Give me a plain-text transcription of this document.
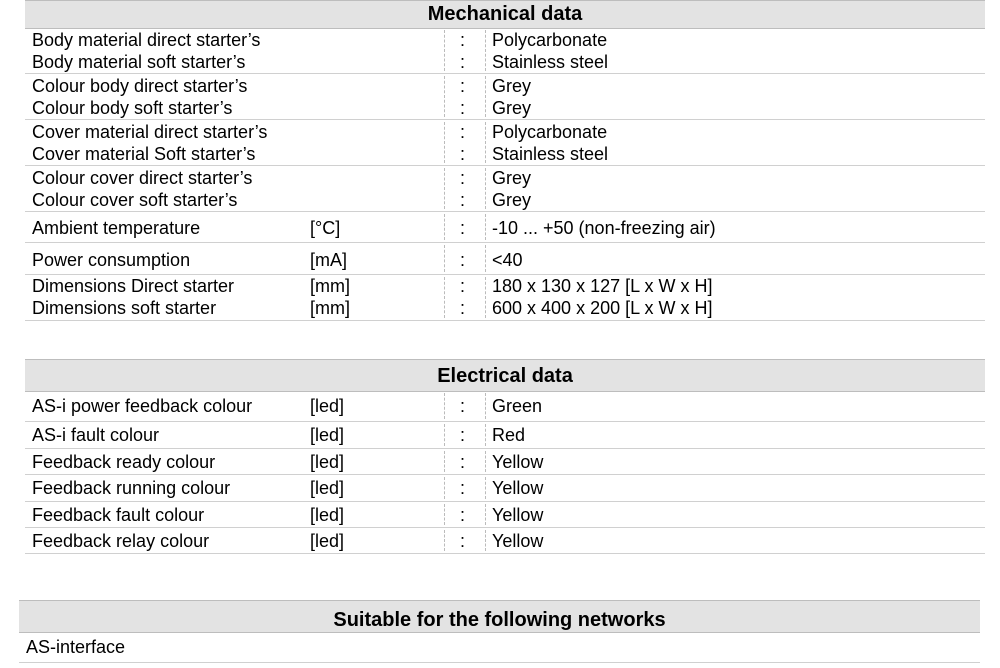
Mechanical data
Body material direct starter’s	: Polycarbonate
Body material soft starter’s	: Stainless steel
Colour body direct starter’s	: Grey
Colour body soft starter’s	: Grey
Cover material direct starter’s	: Polycarbonate
Cover material Soft starter’s	: Stainless steel
Colour cover direct starter’s	: Grey
Colour cover soft starter’s	: Grey
Ambient temperature	[°C]	: -10 ... +50 (non-freezing air)
Power consumption	[mA]	: <40
Dimensions Direct starter	[mm]	: 180 x 130 x 127 [L x W x H]
Dimensions soft starter	[mm]	: 600 x 400 x 200 [L x W x H]
Electrical data
AS-i power feedback colour	[led]	: Green
AS-i fault colour	[led]	: Red
Feedback ready colour	[led]	: Yellow
Feedback running colour	[led]	: Yellow
Feedback fault colour	[led]	: Yellow
Feedback relay colour	[led]	: Yellow
Suitable for the following networks
AS-interface
